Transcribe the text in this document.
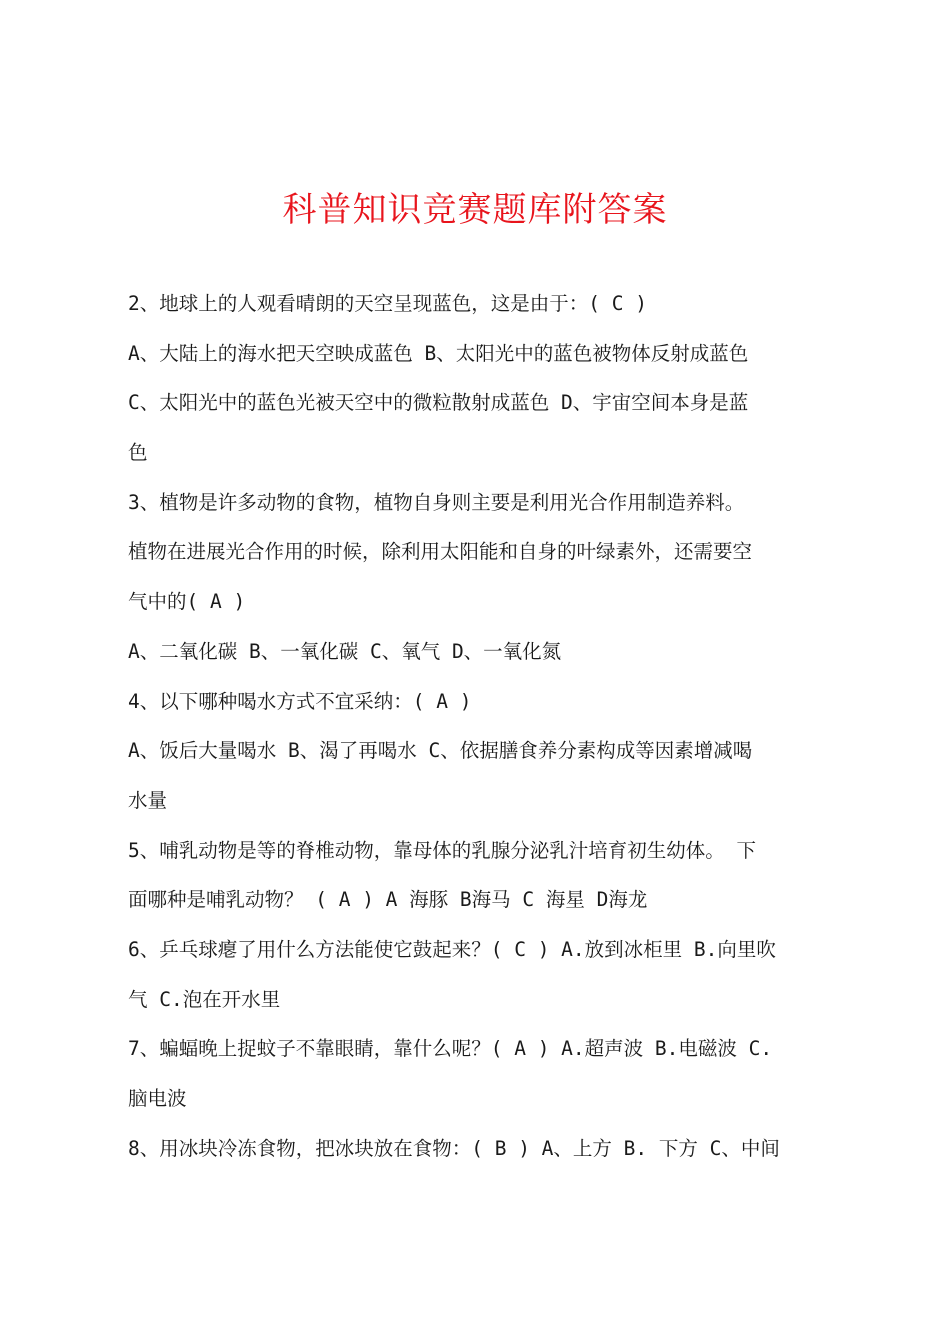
科普知识竞赛题库附答案
2、地球上的人观看晴朗的天空呈现蓝色，这是由于：( C )
A、大陆上的海水把天空映成蓝色 B、太阳光中的蓝色被物体反射成蓝色
C、太阳光中的蓝色光被天空中的微粒散射成蓝色 D、宇宙空间本身是蓝
色
3、植物是许多动物的食物，植物自身则主要是利用光合作用制造养料。
植物在进展光合作用的时候，除利用太阳能和自身的叶绿素外，还需要空
气中的( A )
A、二氧化碳 B、一氧化碳 C、氧气 D、一氧化氮
4、以下哪种喝水方式不宜采纳：( A )
A、饭后大量喝水 B、渴了再喝水 C、依据膳食养分素构成等因素增减喝
水量
5、哺乳动物是等的脊椎动物，靠母体的乳腺分泌乳汁培育初生幼体。 下
面哪种是哺乳动物？ ( A ) A 海豚 B海马 C 海星 D海龙
6、乒乓球瘪了用什么方法能使它鼓起来？( C ) A.放到冰柜里 B.向里吹
气 C.泡在开水里
7、蝙蝠晚上捉蚊子不靠眼睛，靠什么呢？( A ) A.超声波 B.电磁波 C.
脑电波
8、用冰块冷冻食物，把冰块放在食物：( B ) A、上方 B. 下方 C、中间
